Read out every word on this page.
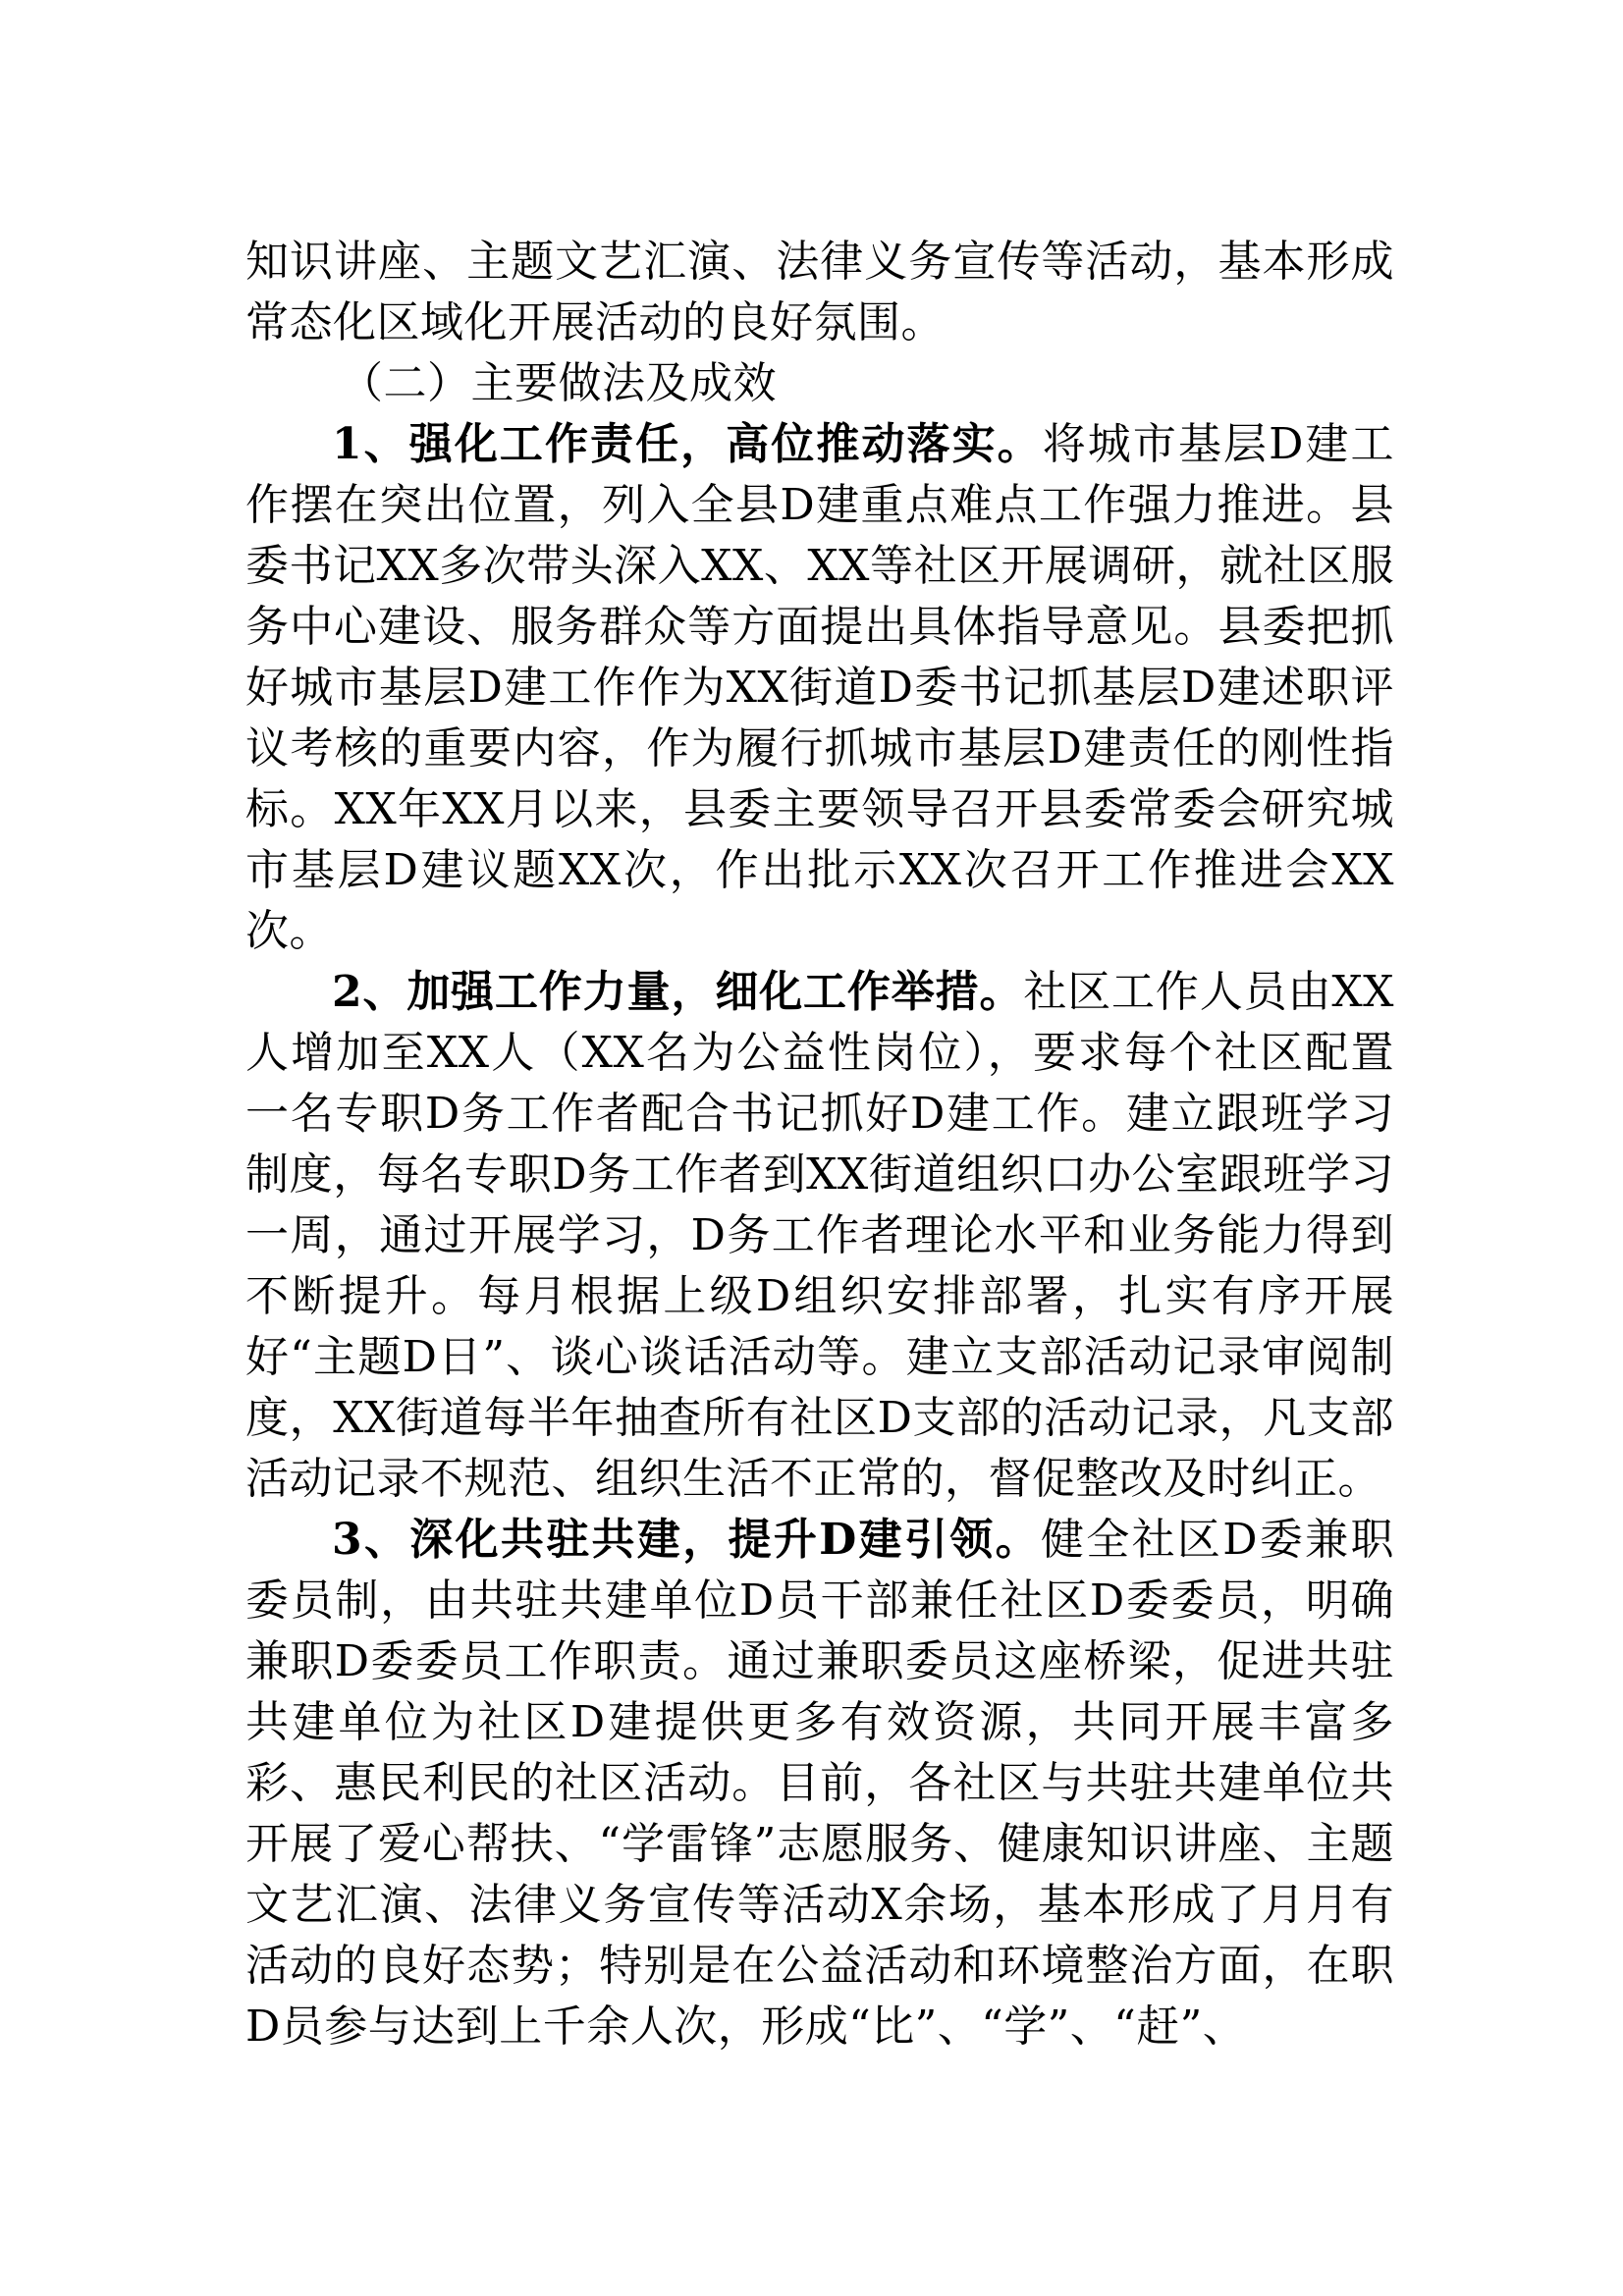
知识讲座、主题文艺汇演、法律义务宣传等活动，基本形成常态化区域化开展活动的良好氛围。

（二）主要做法及成效

1、强化工作责任，高位推动落实。将城市基层D建工作摆在突出位置，列入全县D建重点难点工作强力推进。县委书记XX多次带头深入XX、XX等社区开展调研，就社区服务中心建设、服务群众等方面提出具体指导意见。县委把抓好城市基层D建工作作为XX街道D委书记抓基层D建述职评议考核的重要内容，作为履行抓城市基层D建责任的刚性指标。XX年XX月以来，县委主要领导召开县委常委会研究城市基层D建议题XX次，作出批示XX次召开工作推进会XX次。

2、加强工作力量，细化工作举措。社区工作人员由XX人增加至XX人（XX名为公益性岗位），要求每个社区配置一名专职D务工作者配合书记抓好D建工作。建立跟班学习制度，每名专职D务工作者到XX街道组织口办公室跟班学习一周，通过开展学习，D务工作者理论水平和业务能力得到不断提升。每月根据上级D组织安排部署，扎实有序开展好“主题D日”、谈心谈话活动等。建立支部活动记录审阅制度，XX街道每半年抽查所有社区D支部的活动记录，凡支部活动记录不规范、组织生活不正常的，督促整改及时纠正。

3、深化共驻共建，提升D建引领。健全社区D委兼职委员制，由共驻共建单位D员干部兼任社区D委委员，明确兼职D委委员工作职责。通过兼职委员这座桥梁，促进共驻共建单位为社区D建提供更多有效资源，共同开展丰富多彩、惠民利民的社区活动。目前，各社区与共驻共建单位共开展了爱心帮扶、“学雷锋”志愿服务、健康知识讲座、主题文艺汇演、法律义务宣传等活动X余场，基本形成了月月有活动的良好态势；特别是在公益活动和环境整治方面，在职D员参与达到上千余人次，形成“比”、“学”、“赶”、
